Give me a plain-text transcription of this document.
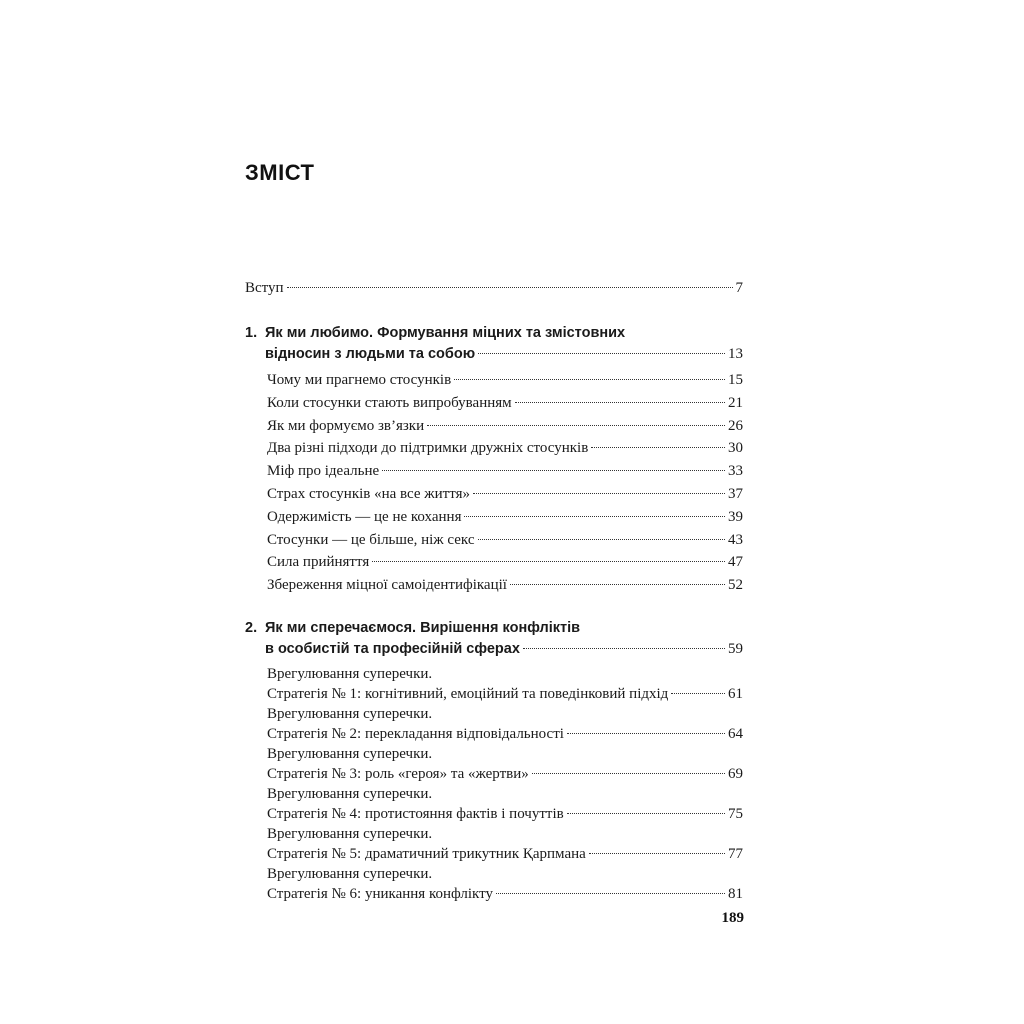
ЗМІСТ
Вступ	7
1. Як ми любимо. Формування міцних та змістовних
відносин з людьми та собою	13
Чому ми прагнемо стосунків	15
Коли стосунки стають випробуванням	21
Як ми формуємо зв’язки	26
Два різні підходи до підтримки дружніх стосунків	30
Міф про ідеальне	33
Страх стосунків «на все життя»	37
Одержимість — це не кохання	39
Стосунки — це більше, ніж секс	43
Сила прийняття	47
Збереження міцної самоідентифікації	52
2. Як ми сперечаємося. Вирішення конфліктів
в особистій та професійній сферах	59
Врегулювання суперечки.
Стратегія № 1: когнітивний, емоційний та поведінковий підхід	61
Врегулювання суперечки.
Стратегія № 2: перекладання відповідальності	64
Врегулювання суперечки.
Стратегія № 3: роль «героя» та «жертви»	69
Врегулювання суперечки.
Стратегія № 4: протистояння фактів і почуттів	75
Врегулювання суперечки.
Стратегія № 5: драматичний трикутник Қарпмана	77
Врегулювання суперечки.
Стратегія № 6: уникання конфлікту	81
189
